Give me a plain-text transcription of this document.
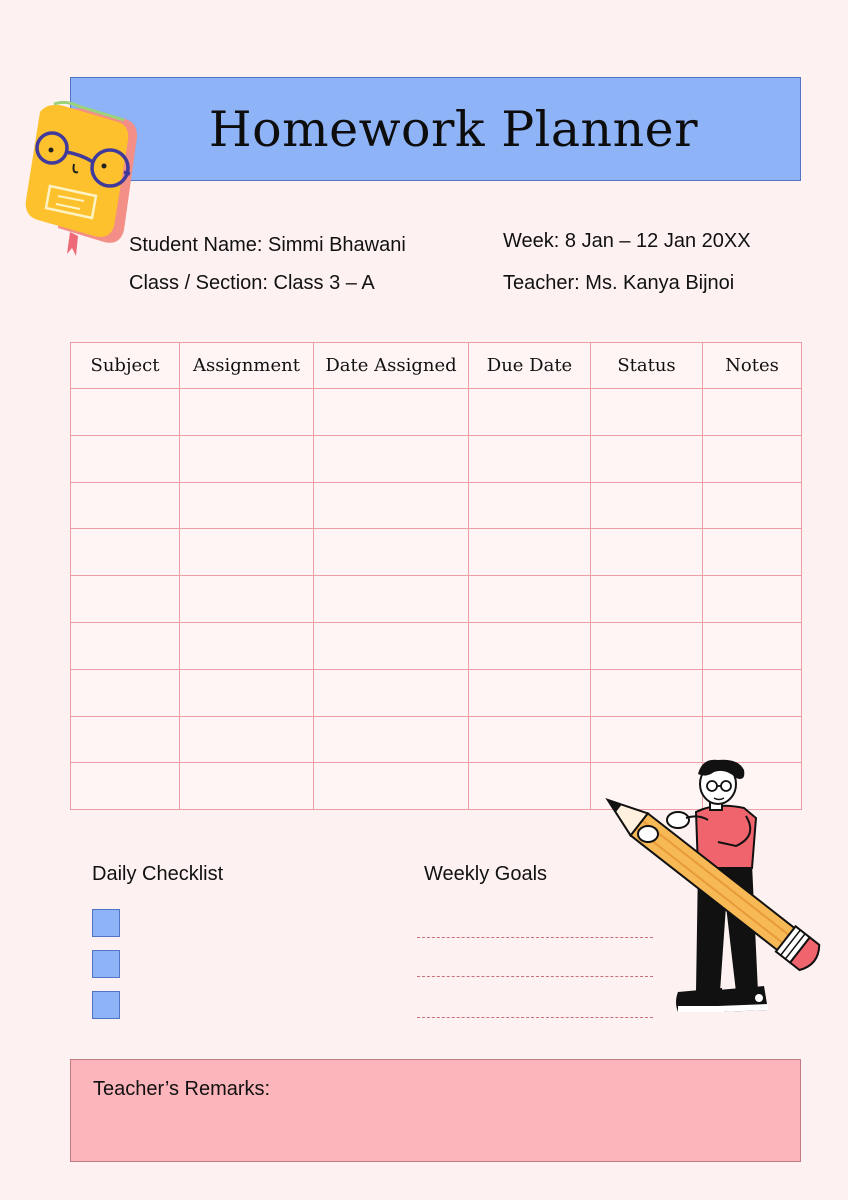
Homework Planner
Student Name: Simmi Bhawani	Week: 8 Jan – 12 Jan 20XX
Class / Section: Class 3 – A	Teacher: Ms. Kanya Bijnoi
Subject	Assignment	Date Assigned	Due Date	Status	Notes

Daily Checklist	Weekly Goals
Teacher’s Remarks:
